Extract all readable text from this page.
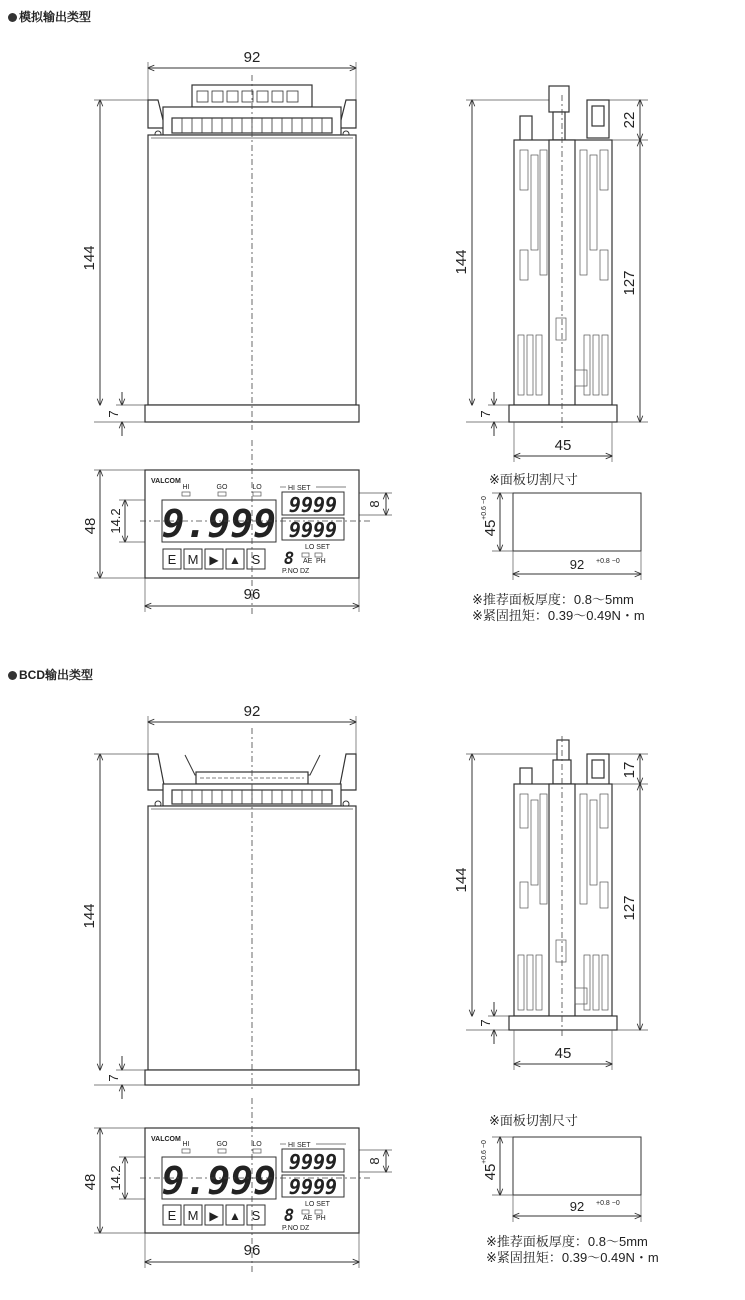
模拟输出类型
BCD输出类型
92
144
7
144
7
22
127
45
48 14.2
96
8
VALCOM
HI	GO	LO
9.999
HI SET
9999
9999
LO SET
8
P.NO DZ
AE PH
E M ▶ ▲ S
※面板切割尺寸
45
+0.6 −0
92 +0.8 −0
※推荐面板厚度：0.8～5mm
※紧固扭矩：0.39～0.49N・m
92
144
7
144
7
17
127
45
48 14.2
96
8
VALCOM
HI	GO	LO
9.999
HI SET
9999
9999
LO SET
8
P.NO DZ
AE PH
E M ▶ ▲ S
※面板切割尺寸
45
+0.6 −0
92 +0.8 −0
※推荐面板厚度：0.8～5mm
※紧固扭矩：0.39～0.49N・m
